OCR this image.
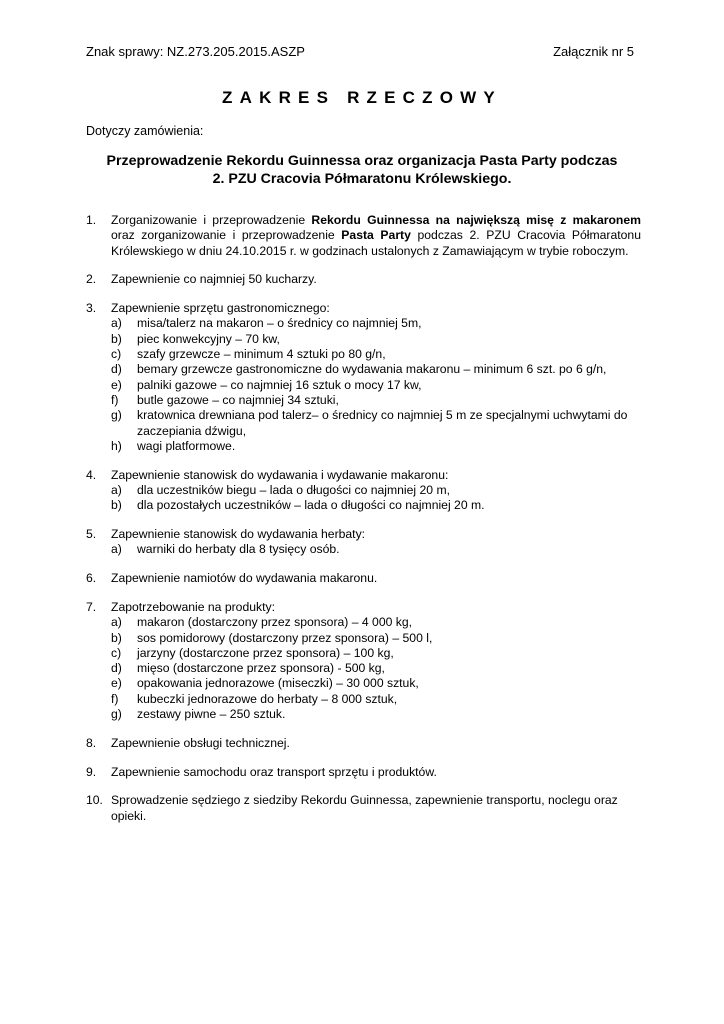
Znak sprawy: NZ.273.205.2015.ASZP	Załącznik nr 5
ZAKRES RZECZOWY
Dotyczy zamówienia:
Przeprowadzenie Rekordu Guinnessa oraz organizacja Pasta Party podczas
2. PZU Cracovia Półmaratonu Królewskiego.
1. Zorganizowanie i przeprowadzenie Rekordu Guinnessa na największą misę z makaronem oraz zorganizowanie i przeprowadzenie Pasta Party podczas 2. PZU Cracovia Półmaratonu Królewskiego w dniu 24.10.2015 r. w godzinach ustalonych z Zamawiającym w trybie roboczym.
2. Zapewnienie co najmniej 50 kucharzy.
3. Zapewnienie sprzętu gastronomicznego:
a) misa/talerz na makaron – o średnicy co najmniej 5m,
b) piec konwekcyjny – 70 kw,
c) szafy grzewcze – minimum 4 sztuki po 80 g/n,
d) bemary grzewcze gastronomiczne do wydawania makaronu – minimum 6 szt. po 6 g/n,
e) palniki gazowe – co najmniej 16 sztuk o mocy 17 kw,
f) butle gazowe – co najmniej 34 sztuki,
g) kratownica drewniana pod talerz– o średnicy co najmniej 5 m ze specjalnymi uchwytami do zaczepiania dźwigu,
h) wagi platformowe.
4. Zapewnienie stanowisk do wydawania i wydawanie makaronu:
a) dla uczestników biegu – lada o długości co najmniej 20 m,
b) dla pozostałych uczestników – lada o długości co najmniej 20 m.
5. Zapewnienie stanowisk do wydawania herbaty:
a) warniki do herbaty dla 8 tysięcy osób.
6. Zapewnienie namiotów do wydawania makaronu.
7. Zapotrzebowanie na produkty:
a) makaron (dostarczony przez sponsora) – 4 000 kg,
b) sos pomidorowy (dostarczony przez sponsora) – 500 l,
c) jarzyny (dostarczone przez sponsora) – 100 kg,
d) mięso (dostarczone przez sponsora) - 500 kg,
e) opakowania jednorazowe (miseczki) – 30 000 sztuk,
f) kubeczki jednorazowe do herbaty – 8 000 sztuk,
g) zestawy piwne – 250 sztuk.
8. Zapewnienie obsługi technicznej.
9. Zapewnienie samochodu oraz transport sprzętu i produktów.
10. Sprowadzenie sędziego z siedziby Rekordu Guinnessa, zapewnienie transportu, noclegu oraz opieki.
